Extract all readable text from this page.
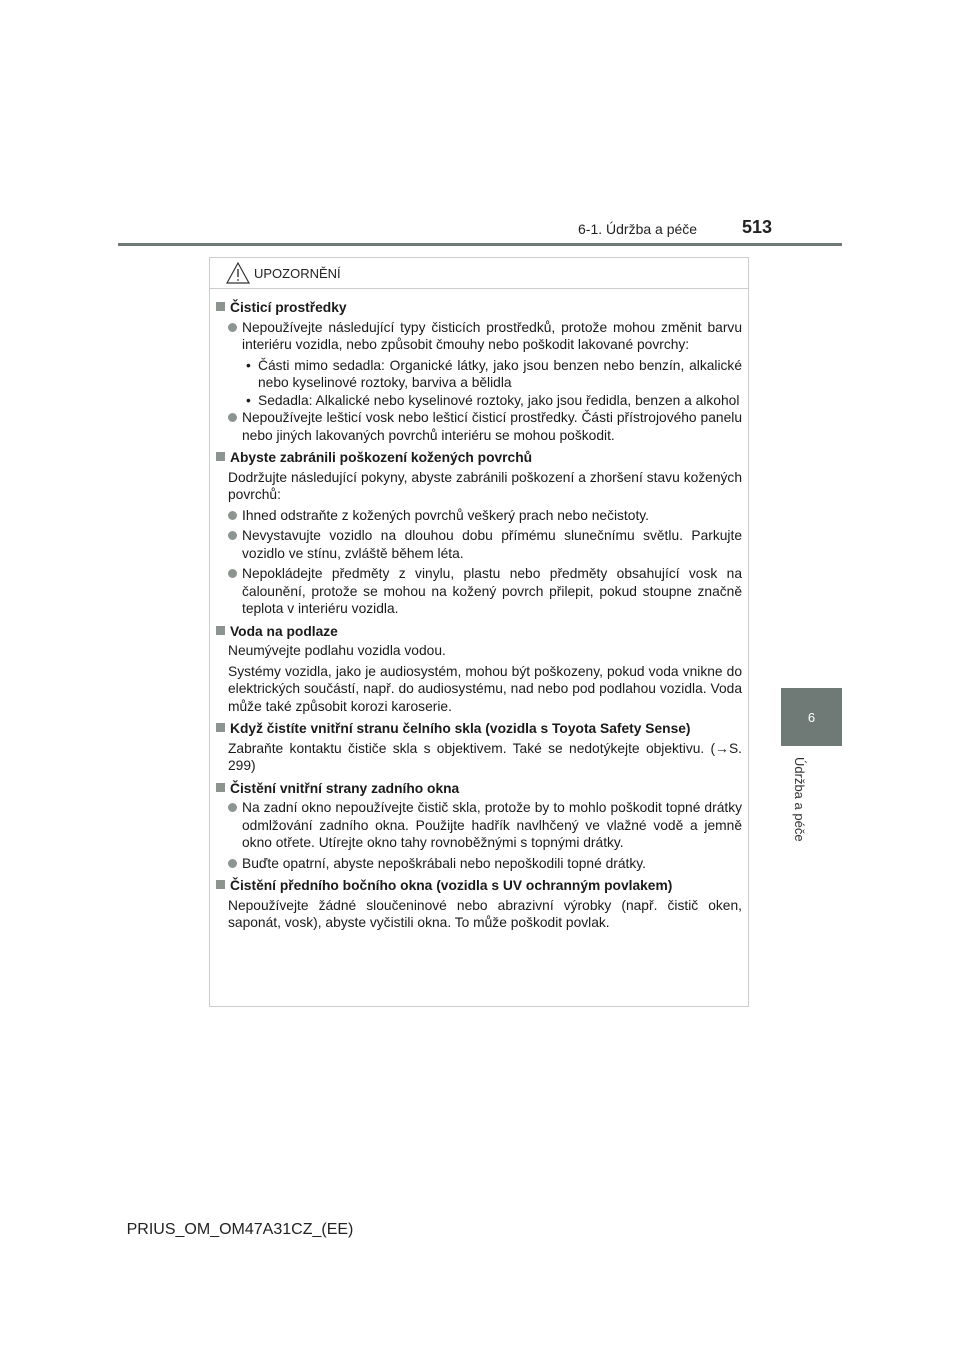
6-1. Údržba a péče 513
6
Údržba a péče
UPOZORNĚNÍ
Čisticí prostředky
Nepoužívejte následující typy čisticích prostředků, protože mohou změnit barvu interiéru vozidla, nebo způsobit čmouhy nebo poškodit lakované povrchy:
• Části mimo sedadla: Organické látky, jako jsou benzen nebo benzín, alkalické nebo kyselinové roztoky, barviva a bělidla
• Sedadla: Alkalické nebo kyselinové roztoky, jako jsou ředidla, benzen a alkohol
Nepoužívejte lešticí vosk nebo lešticí čisticí prostředky. Části přístrojového panelu nebo jiných lakovaných povrchů interiéru se mohou poškodit.
Abyste zabránili poškození kožených povrchů
Dodržujte následující pokyny, abyste zabránili poškození a zhoršení stavu kožených povrchů:
Ihned odstraňte z kožených povrchů veškerý prach nebo nečistoty.
Nevystavujte vozidlo na dlouhou dobu přímému slunečnímu světlu. Parkujte vozidlo ve stínu, zvláště během léta.
Nepokládejte předměty z vinylu, plastu nebo předměty obsahující vosk na čalounění, protože se mohou na kožený povrch přilepit, pokud stoupne značně teplota v interiéru vozidla.
Voda na podlaze
Neumývejte podlahu vozidla vodou.
Systémy vozidla, jako je audiosystém, mohou být poškozeny, pokud voda vnikne do elektrických součástí, např. do audiosystému, nad nebo pod podlahou vozidla. Voda může také způsobit korozi karoserie.
Když čistíte vnitřní stranu čelního skla (vozidla s Toyota Safety Sense)
Zabraňte kontaktu čističe skla s objektivem. Také se nedotýkejte objektivu. (→S. 299)
Čistění vnitřní strany zadního okna
Na zadní okno nepoužívejte čistič skla, protože by to mohlo poškodit topné drátky odmlžování zadního okna. Použijte hadřík navlhčený ve vlažné vodě a jemně okno otřete. Utírejte okno tahy rovnoběžnými s topnými drátky.
Buďte opatrní, abyste nepoškrábali nebo nepoškodili topné drátky.
Čistění předního bočního okna (vozidla s UV ochranným povlakem)
Nepoužívejte žádné sloučeninové nebo abrazivní výrobky (např. čistič oken, saponát, vosk), abyste vyčistili okna. To může poškodit povlak.
PRIUS_OM_OM47A31CZ_(EE)
